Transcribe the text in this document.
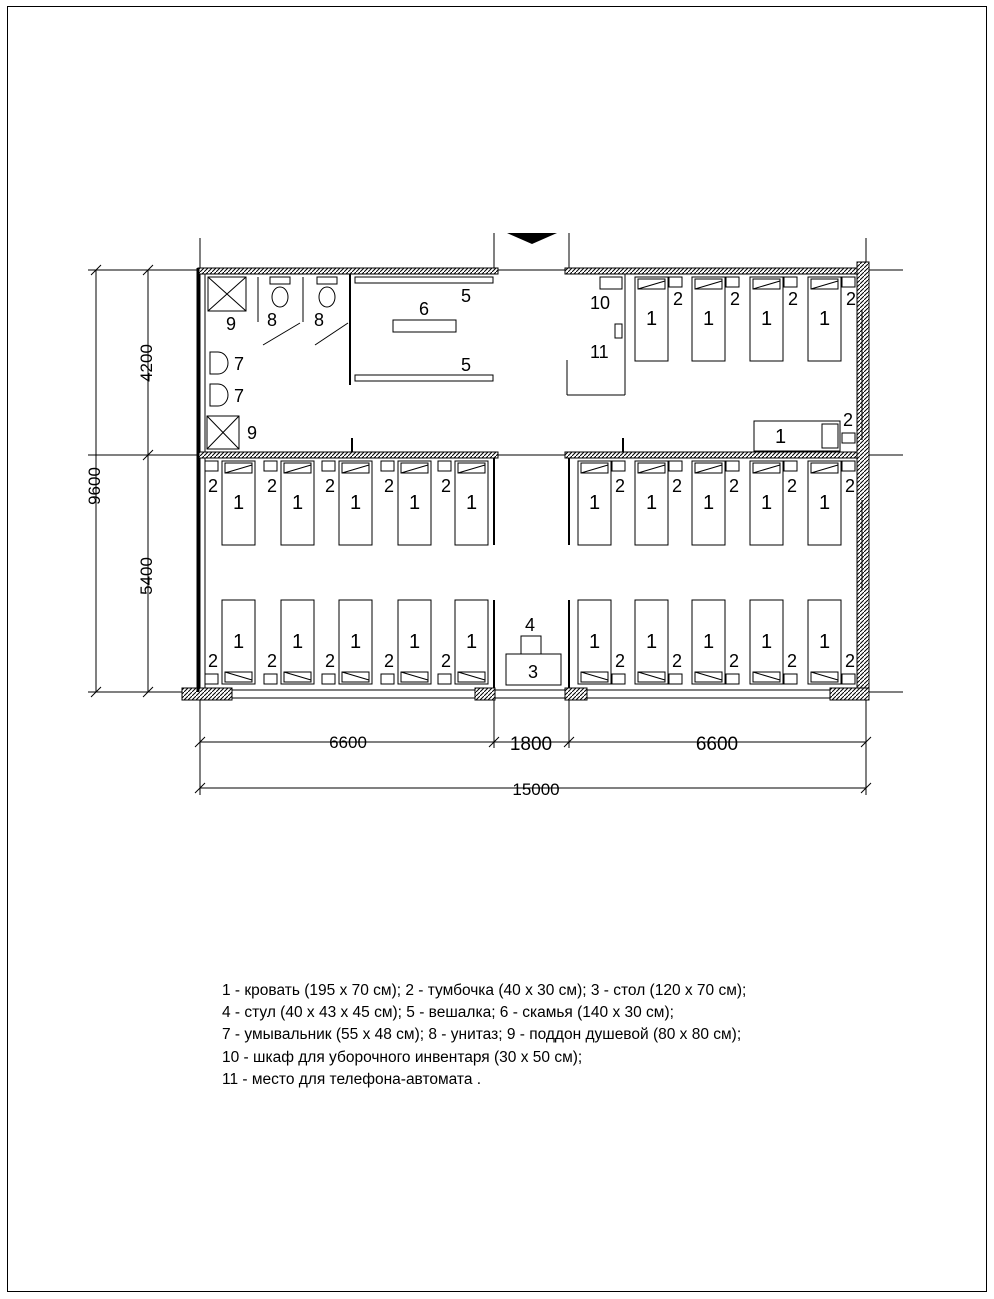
1
2
1
2
1
2
1
2
1
2
1
2
1
2
1
2
1
2
1
2
1
2
1
2
1
2
1
2
1
2
1
2
1
2
1
2
1
2
1
2
1
2
1
2
1
2
1
2
1
2
9600
4200
5400
6600	1800	6600
15000
9
9
8 8
7
7
6
5
5
10
11
4
3
1 - кровать (195 х 70 см); 2 - тумбочка (40 х 30 см); 3 - стол (120 х 70 см);
4 - стул (40 х 43 х 45 см); 5 - вешалка; 6 - скамья (140 х 30 см);
7 - умывальник (55 х 48 см); 8 - унитаз; 9 - поддон душевой (80 х 80 см);
10 - шкаф для уборочного инвентаря (30 х 50 см);
11 - место для телефона-автомата .
